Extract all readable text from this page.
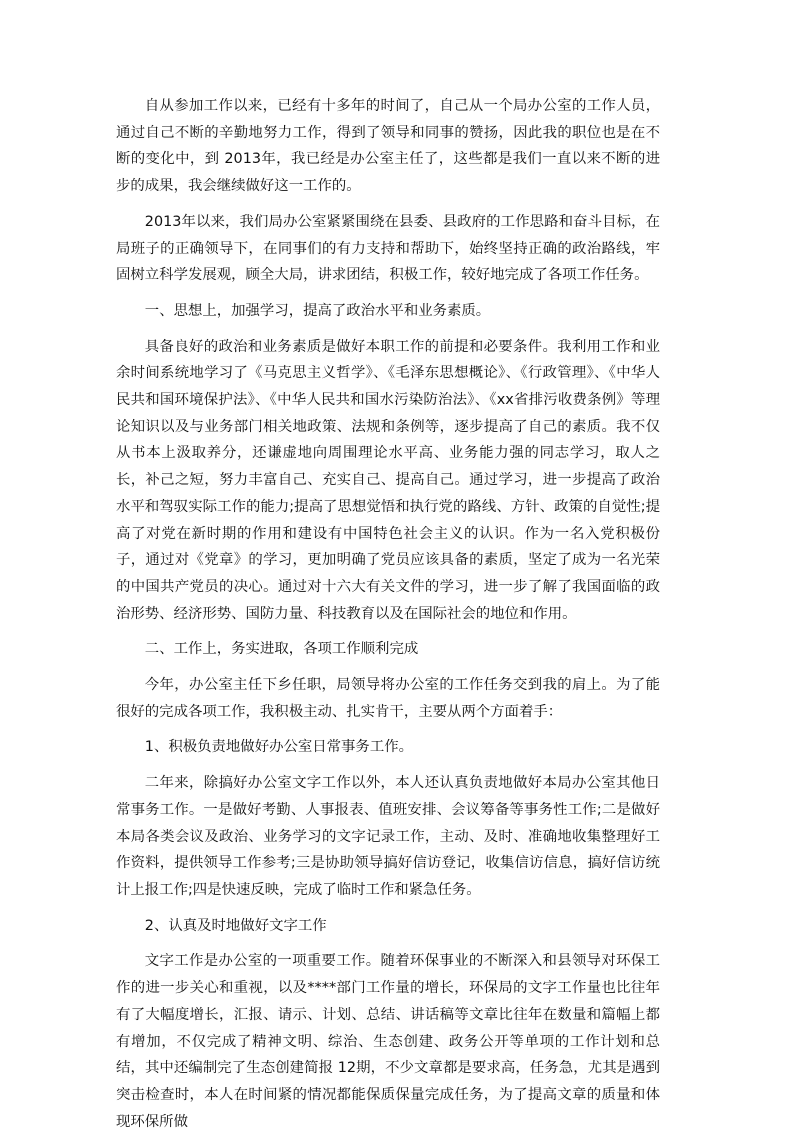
自从参加工作以来，已经有十多年的时间了，自己从一个局办公室的工作人员，通过自己不断的辛勤地努力工作，得到了领导和同事的赞扬，因此我的职位也是在不断的变化中，到 2013年，我已经是办公室主任了，这些都是我们一直以来不断的进步的成果，我会继续做好这一工作的。

2013年以来，我们局办公室紧紧围绕在县委、县政府的工作思路和奋斗目标，在局班子的正确领导下，在同事们的有力支持和帮助下，始终坚持正确的政治路线，牢固树立科学发展观，顾全大局，讲求团结，积极工作，较好地完成了各项工作任务。

一、思想上，加强学习，提高了政治水平和业务素质。

具备良好的政治和业务素质是做好本职工作的前提和必要条件。我利用工作和业余时间系统地学习了《马克思主义哲学》、《毛泽东思想概论》、《行政管理》、《中华人民共和国环境保护法》、《中华人民共和国水污染防治法》、《xx省排污收费条例》等理论知识以及与业务部门相关地政策、法规和条例等，逐步提高了自己的素质。我不仅从书本上汲取养分，还谦虚地向周围理论水平高、业务能力强的同志学习，取人之长，补己之短，努力丰富自己、充实自己、提高自己。通过学习，进一步提高了政治水平和驾驭实际工作的能力;提高了思想觉悟和执行党的路线、方针、政策的自觉性;提高了对党在新时期的作用和建设有中国特色社会主义的认识。作为一名入党积极份子，通过对《党章》的学习，更加明确了党员应该具备的素质，坚定了成为一名光荣的中国共产党员的决心。通过对十六大有关文件的学习，进一步了解了我国面临的政治形势、经济形势、国防力量、科技教育以及在国际社会的地位和作用。

二、工作上，务实进取，各项工作顺利完成

今年，办公室主任下乡任职，局领导将办公室的工作任务交到我的肩上。为了能很好的完成各项工作，我积极主动、扎实肯干，主要从两个方面着手：

1、积极负责地做好办公室日常事务工作。

二年来，除搞好办公室文字工作以外，本人还认真负责地做好本局办公室其他日常事务工作。一是做好考勤、人事报表、值班安排、会议筹备等事务性工作;二是做好本局各类会议及政治、业务学习的文字记录工作，主动、及时、准确地收集整理好工作资料，提供领导工作参考;三是协助领导搞好信访登记，收集信访信息，搞好信访统计上报工作;四是快速反映，完成了临时工作和紧急任务。

2、认真及时地做好文字工作

文字工作是办公室的一项重要工作。随着环保事业的不断深入和县领导对环保工作的进一步关心和重视，以及****部门工作量的增长，环保局的文字工作量也比往年有了大幅度增长，汇报、请示、计划、总结、讲话稿等文章比往年在数量和篇幅上都有增加，不仅完成了精神文明、综治、生态创建、政务公开等单项的工作计划和总结，其中还编制完了生态创建简报 12期，不少文章都是要求高，任务急，尤其是遇到突击检查时，本人在时间紧的情况都能保质保量完成任务，为了提高文章的质量和体现环保所做
